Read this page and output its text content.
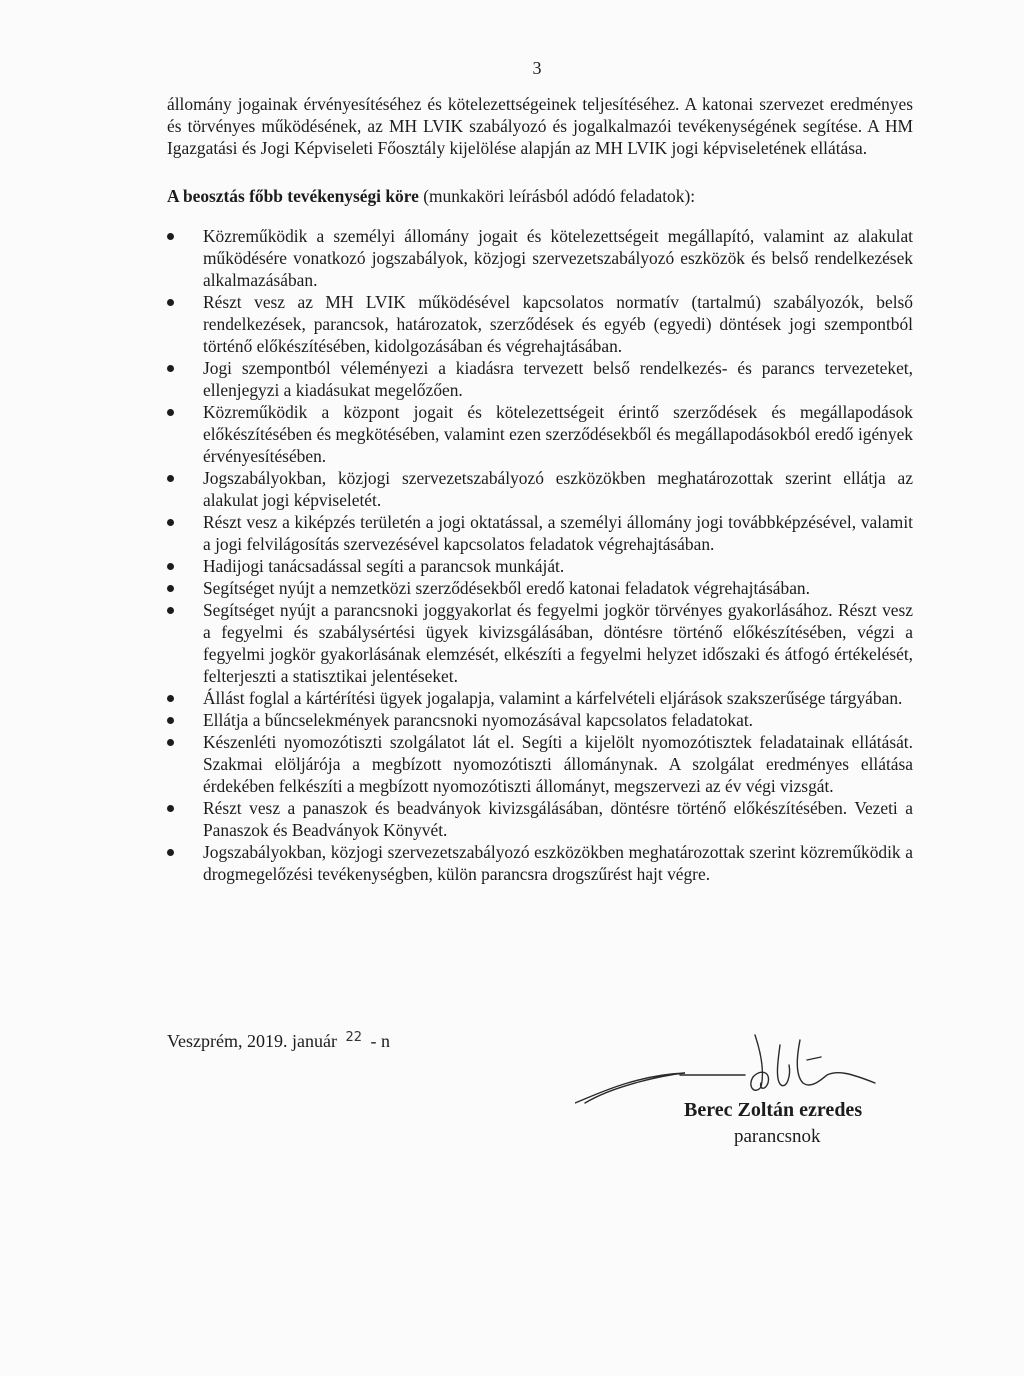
3

állomány jogainak érvényesítéséhez és kötelezettségeinek teljesítéséhez. A katonai szervezet eredményes és törvényes működésének, az MH LVIK szabályozó és jogalkalmazói tevékenységének segítése. A HM Igazgatási és Jogi Képviseleti Főosztály kijelölése alapján az MH LVIK jogi képviseletének ellátása.

A beosztás főbb tevékenységi köre (munkaköri leírásból adódó feladatok):

Közreműködik a személyi állomány jogait és kötelezettségeit megállapító, valamint az alakulat működésére vonatkozó jogszabályok, közjogi szervezetszabályozó eszközök és belső rendelkezések alkalmazásában.
Részt vesz az MH LVIK működésével kapcsolatos normatív (tartalmú) szabályozók, belső rendelkezések, parancsok, határozatok, szerződések és egyéb (egyedi) döntések jogi szempontból történő előkészítésében, kidolgozásában és végrehajtásában.
Jogi szempontból véleményezi a kiadásra tervezett belső rendelkezés- és parancs tervezeteket, ellenjegyzi a kiadásukat megelőzően.
Közreműködik a központ jogait és kötelezettségeit érintő szerződések és megállapodások előkészítésében és megkötésében, valamint ezen szerződésekből és megállapodásokból eredő igények érvényesítésében.
Jogszabályokban, közjogi szervezetszabályozó eszközökben meghatározottak szerint ellátja az alakulat jogi képviseletét.
Részt vesz a kiképzés területén a jogi oktatással, a személyi állomány jogi továbbképzésével, valamit a jogi felvilágosítás szervezésével kapcsolatos feladatok végrehajtásában.
Hadijogi tanácsadással segíti a parancsok munkáját.
Segítséget nyújt a nemzetközi szerződésekből eredő katonai feladatok végrehajtásában.
Segítséget nyújt a parancsnoki joggyakorlat és fegyelmi jogkör törvényes gyakorlásához. Részt vesz a fegyelmi és szabálysértési ügyek kivizsgálásában, döntésre történő előkészítésében, végzi a fegyelmi jogkör gyakorlásának elemzését, elkészíti a fegyelmi helyzet időszaki és átfogó értékelését, felterjeszti a statisztikai jelentéseket.
Állást foglal a kártérítési ügyek jogalapja, valamint a kárfelvételi eljárások szakszerűsége tárgyában.
Ellátja a bűncselekmények parancsnoki nyomozásával kapcsolatos feladatokat.
Készenléti nyomozótiszti szolgálatot lát el. Segíti a kijelölt nyomozótisztek feladatainak ellátását. Szakmai elöljárója a megbízott nyomozótiszti állománynak. A szolgálat eredményes ellátása érdekében felkészíti a megbízott nyomozótiszti állományt, megszervezi az év végi vizsgát.
Részt vesz a panaszok és beadványok kivizsgálásában, döntésre történő előkészítésében. Vezeti a Panaszok és Beadványok Könyvét.
Jogszabályokban, közjogi szervezetszabályozó eszközökben meghatározottak szerint közreműködik a drogmegelőzési tevékenységben, külön parancsra drogszűrést hajt végre.
Veszprém, 2019. január $^{22}$ - n
Berec Zoltán ezredes
parancsnok
